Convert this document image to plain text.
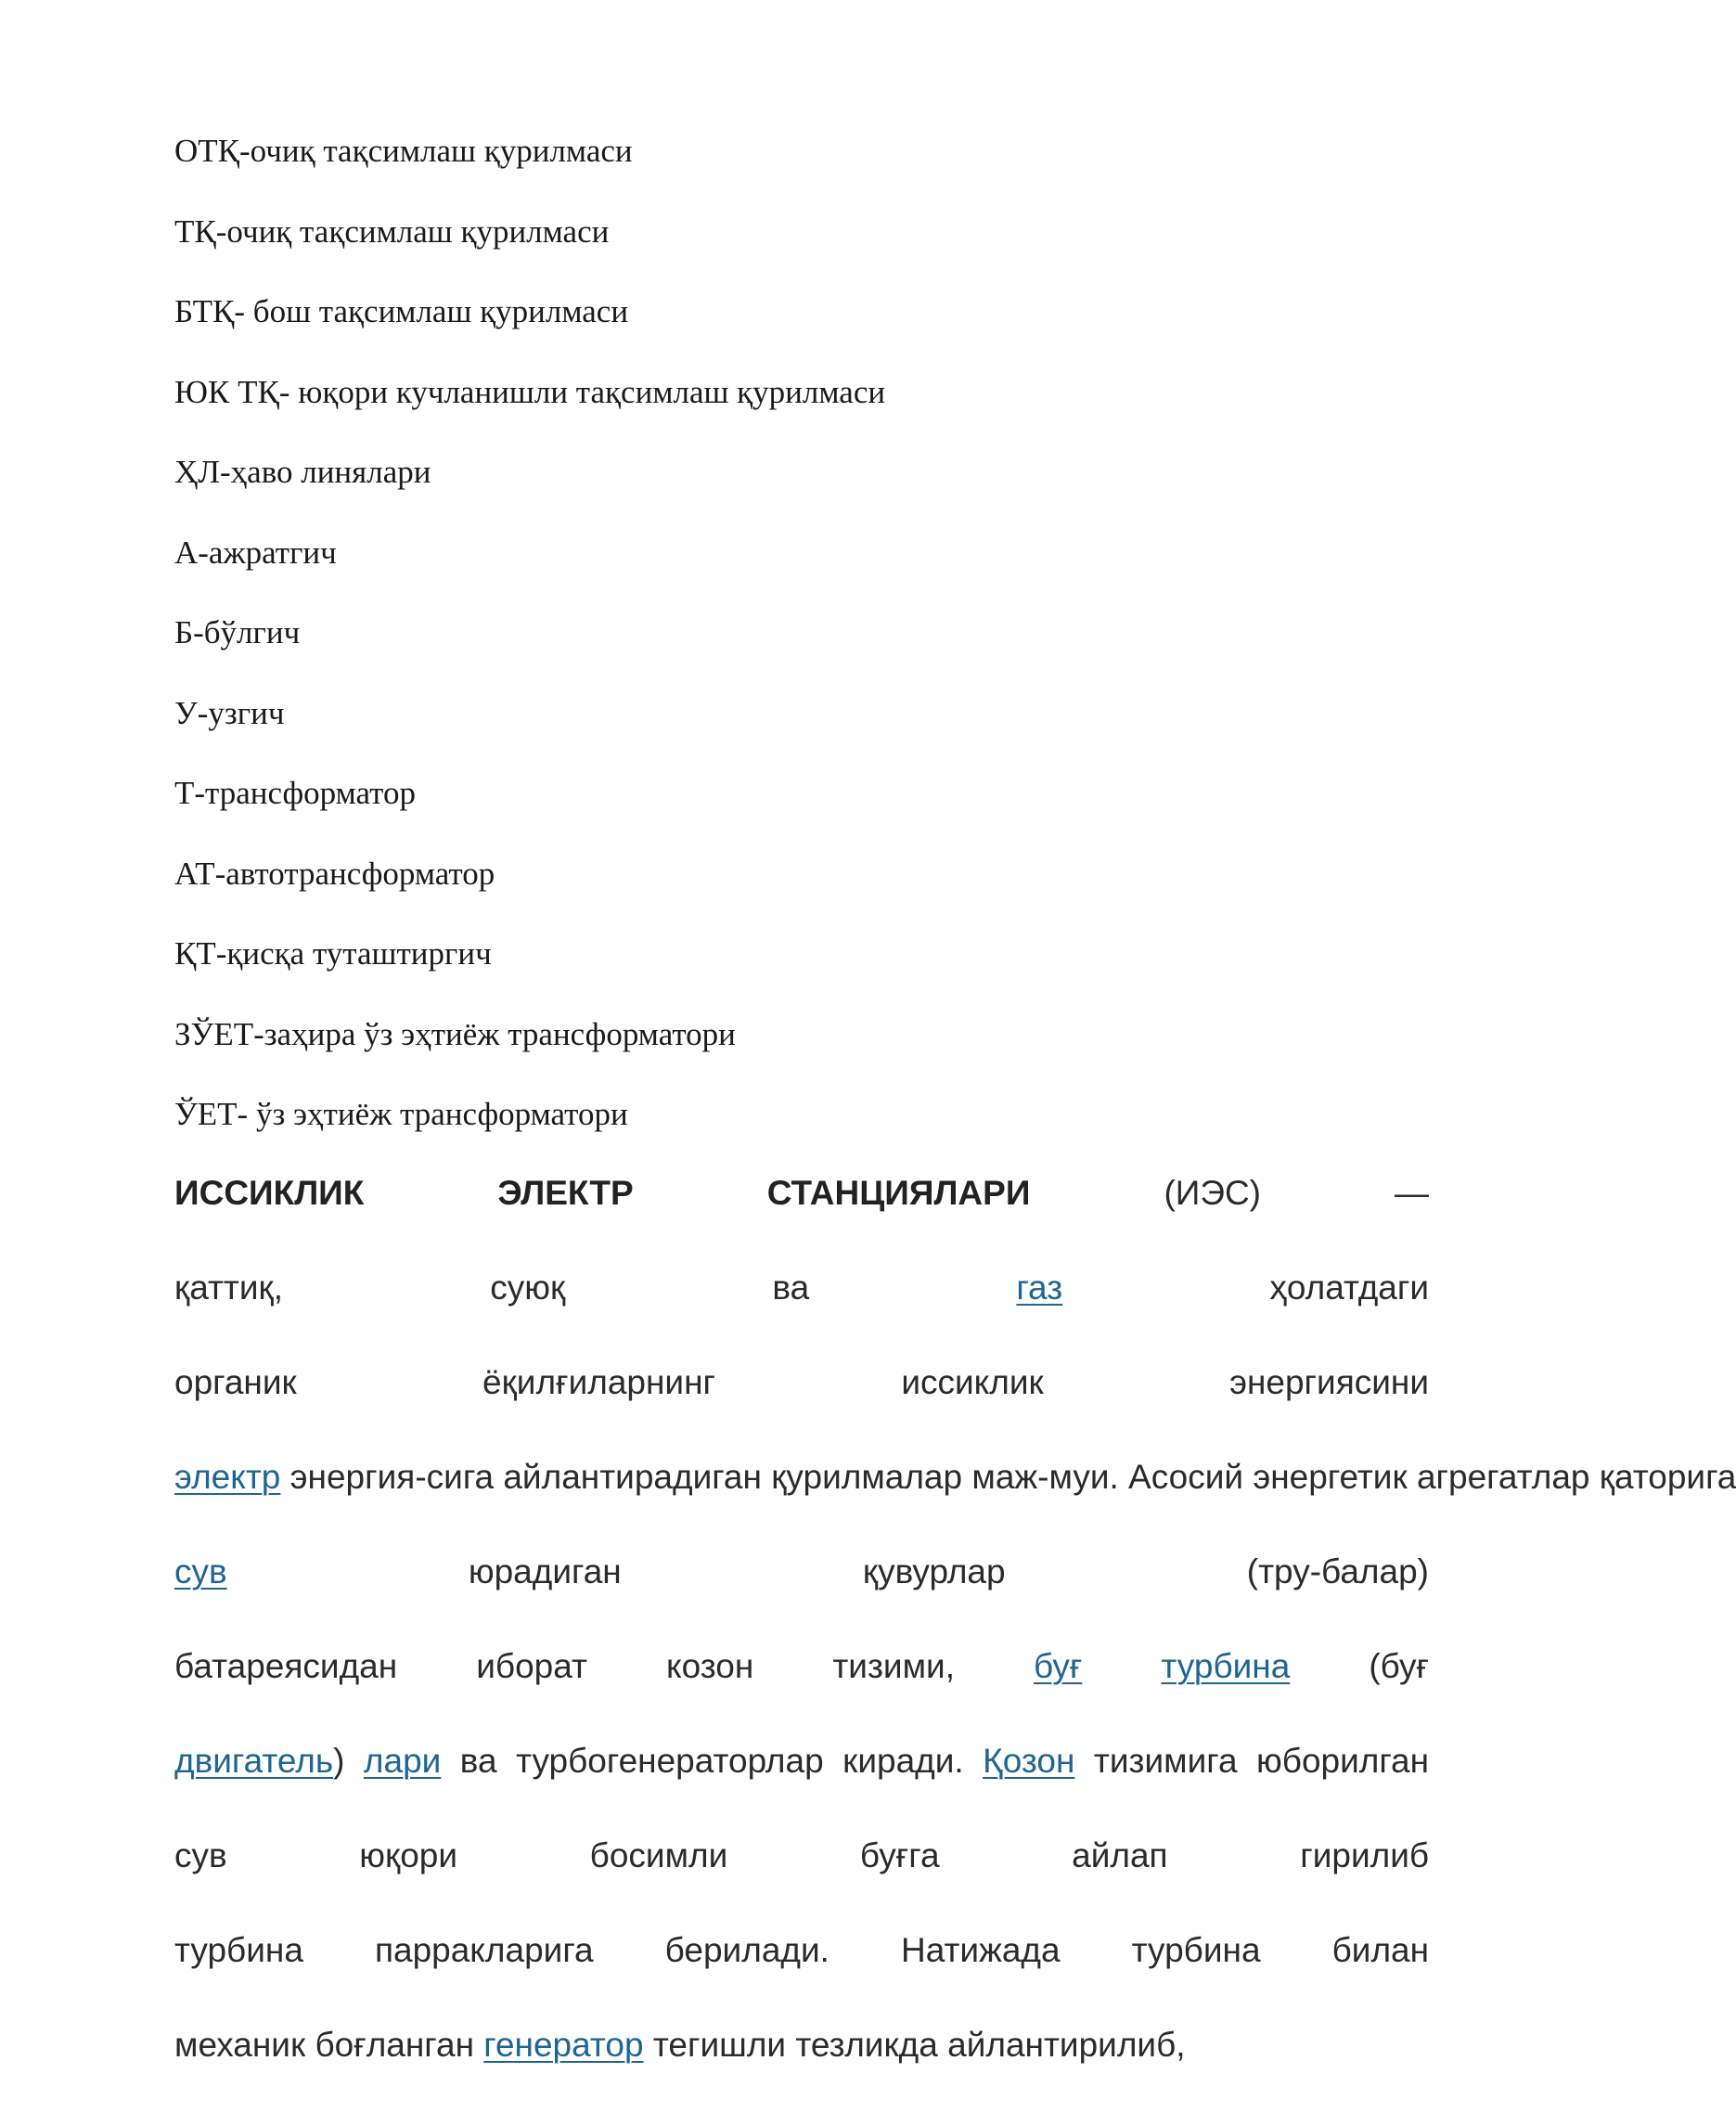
ОТҚ-очиқ тақсимлаш қурилмаси
ТҚ-очиқ тақсимлаш қурилмаси
БТҚ- бош тақсимлаш қурилмаси
ЮК ТҚ- юқори кучланишли тақсимлаш қурилмаси
ҲЛ-ҳаво линялари
А-ажратгич
Б-бўлгич
У-узгич
Т-трансформатор
АТ-автотрансформатор
ҚТ-қисқа туташтиргич
ЗЎЕТ-заҳира ўз эҳтиёж трансформатори
ЎЕТ- ўз эҳтиёж трансформатори
ИССИКЛИК	ЭЛЕКТР	СТАНЦИЯЛАРИ	(ИЭС)	—
қаттиқ,	суюқ	ва	газ	ҳолатдаги
органик	ёқилғиларнинг	иссиклик	энергиясини
электр энергия-сига айлантирадиган қурилмалар маж-муи. Асосий энергетик агрегатлар қаторига
сув	юрадиган	қувурлар	(тру-балар)
батареясидан иборат козон тизими, буғ турбина (буғ
двигатель) лари ва турбогенераторлар киради. Қозон тизимига юборилган
сув	юқори	босимли	буғга	айлап	гирилиб
турбина парракларига берилади. Натижада турбина билан
механик боғланган генератор тегишли тезликда айлантирилиб,
